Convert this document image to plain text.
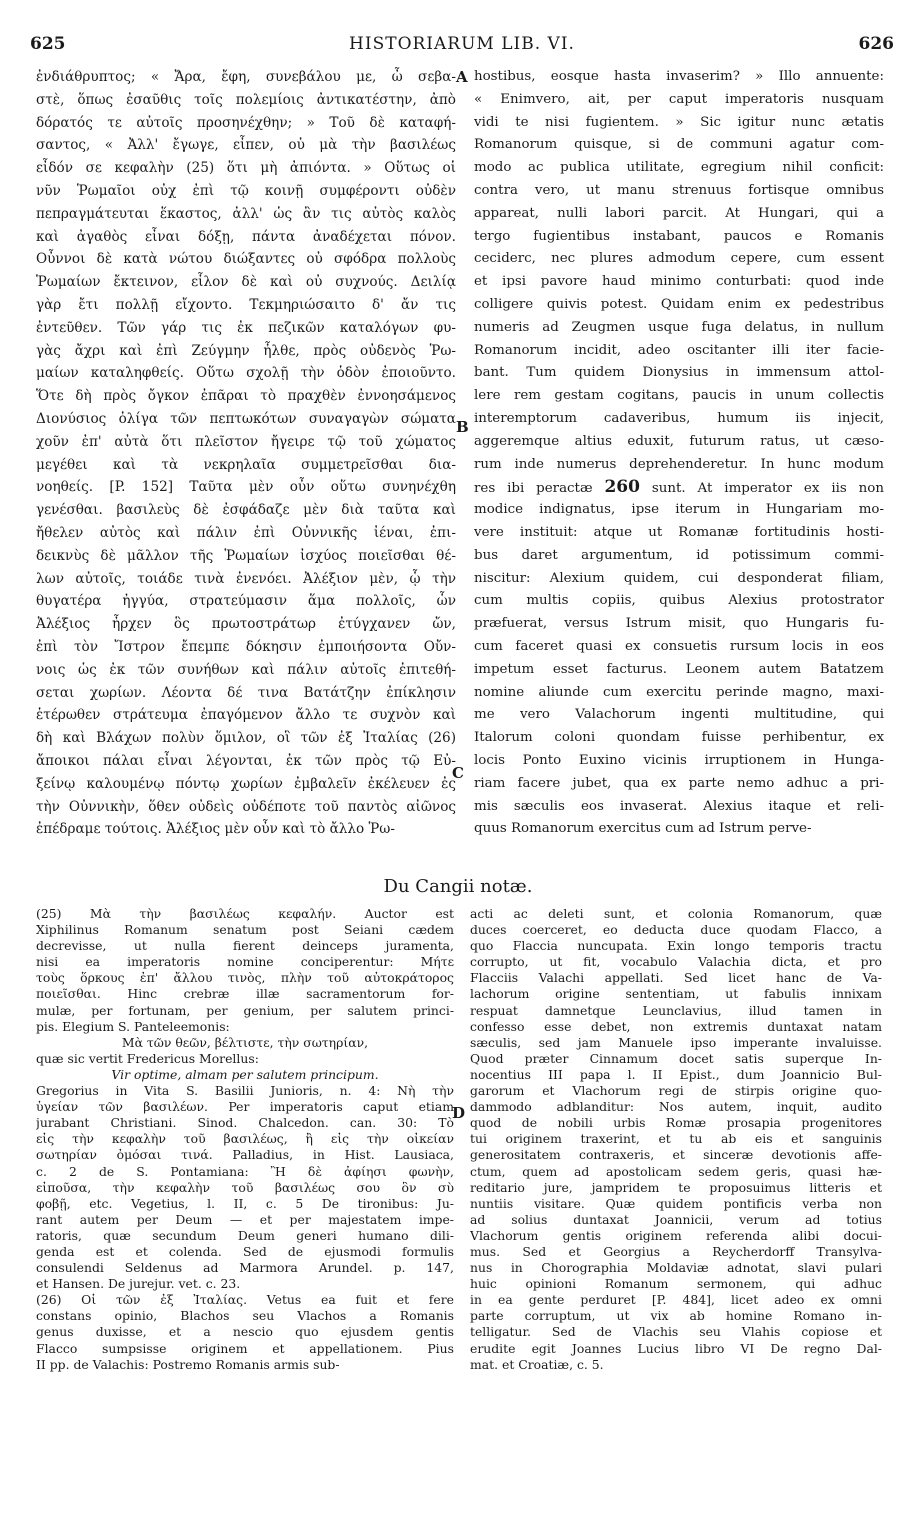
625	HISTORIARUM LIB. VI.	626
ἐνδιάθρυπτος; « Ἄρα, ἔφη, συνεβάλου με, ὦ σεβα-
στὲ, ὅπως ἐσαῦθις τοῖς πολεμίοις ἀντικατέστην, ἀπὸ
δόρατός τε αὐτοῖς προσηνέχθην; » Τοῦ δὲ καταφή-
σαντος, « Ἀλλ' ἔγωγε, εἶπεν, οὐ μὰ τὴν βασιλέως
εἶδόν σε κεφαλὴν (25) ὅτι μὴ ἀπιόντα. » Οὕτως οἱ
νῦν Ῥωμαῖοι οὐχ ἐπὶ τῷ κοινῇ συμφέροντι οὐδὲν
πεπραγμάτευται ἕκαστος, ἀλλ' ὡς ἂν τις αὐτὸς καλὸς
καὶ ἀγαθὸς εἶναι δόξῃ, πάντα ἀναδέχεται πόνον.
Οὖννοι δὲ κατὰ νώτου διώξαντες οὐ σφόδρα πολλοὺς
Ῥωμαίων ἔκτεινον, εἷλον δὲ καὶ οὐ συχνούς. Δειλίᾳ
γὰρ ἔτι πολλῇ εἴχοντο. Τεκμηριώσαιτο δ' ἄν τις
ἐντεῦθεν. Τῶν γάρ τις ἐκ πεζικῶν καταλόγων φυ-
γὰς ἄχρι καὶ ἐπὶ Ζεύγμην ἦλθε, πρὸς οὐδενὸς Ῥω-
μαίων καταληφθείς. Οὕτω σχολῇ τὴν ὁδὸν ἐποιοῦντο.
Ὅτε δὴ πρὸς ὄγκον ἐπᾶραι τὸ πραχθὲν ἐννοησάμενος
Διονύσιος ὀλίγα τῶν πεπτωκότων συναγαγὼν σώματα
χοῦν ἐπ' αὐτὰ ὅτι πλεῖστον ἤγειρε τῷ τοῦ χώματος
μεγέθει καὶ τὰ νεκρηλαῖα συμμετρεῖσθαι δια-
νοηθείς. [P. 152] Ταῦτα μὲν οὖν οὕτω συνηνέχθη
γενέσθαι. βασιλεὺς δὲ ἐσφάδαζε μὲν διὰ ταῦτα καὶ
ἤθελεν αὐτὸς καὶ πάλιν ἐπὶ Οὐννικῆς ἰέναι, ἐπι-
δεικνὺς δὲ μᾶλλον τῆς Ῥωμαίων ἰσχύος ποιεῖσθαι θέ-
λων αὐτοῖς, τοιάδε τινὰ ἐνενόει. Ἀλέξιον μὲν, ᾧ τὴν
θυγατέρα ἠγγύα, στρατεύμασιν ἅμα πολλοῖς, ὧν
Ἀλέξιος ἦρχεν ὃς πρωτοστράτωρ ἐτύγχανεν ὤν,
ἐπὶ τὸν Ἴστρον ἔπεμπε δόκησιν ἐμποιήσοντα Οὔν-
νοις ὡς ἐκ τῶν συνήθων καὶ πάλιν αὐτοῖς ἐπιτεθή-
σεται χωρίων. Λέοντα δέ τινα Βατάτζην ἐπίκλησιν
ἑτέρωθεν στράτευμα ἐπαγόμενον ἄλλο τε συχνὸν καὶ
δὴ καὶ Βλάχων πολὺν ὅμιλον, οἳ τῶν ἐξ Ἰταλίας (26)
ἄποικοι πάλαι εἶναι λέγονται, ἐκ τῶν πρὸς τῷ Εὐ-
ξείνῳ καλουμένῳ πόντῳ χωρίων ἐμβαλεῖν ἐκέλευεν ἐς
τὴν Οὐννικὴν, ὅθεν οὐδεὶς οὐδέποτε τοῦ παντὸς αἰῶνος
ἐπέδραμε τούτοις. Ἀλέξιος μὲν οὖν καὶ τὸ ἄλλο Ῥω-
hostibus, eosque hasta invaserim? » Illo annuente:
« Enimvero, ait, per caput imperatoris nusquam
vidi te nisi fugientem. » Sic igitur nunc ætatis
Romanorum quisque, si de communi agatur com-
modo ac publica utilitate, egregium nihil conficit:
contra vero, ut manu strenuus fortisque omnibus
appareat, nulli labori parcit. At Hungari, qui a
tergo fugientibus instabant, paucos e Romanis
ceciderc, nec plures admodum cepere, cum essent
et ipsi pavore haud minimo conturbati: quod inde
colligere quivis potest. Quidam enim ex pedestribus
numeris ad Zeugmen usque fuga delatus, in nullum
Romanorum incidit, adeo oscitanter illi iter facie-
bant. Tum quidem Dionysius in immensum attol-
lere rem gestam cogitans, paucis in unum collectis
interemptorum cadaveribus, humum iis injecit,
aggeremque altius eduxit, futurum ratus, ut cæso-
rum inde numerus deprehenderetur. In hunc modum
res ibi peractæ 260 sunt. At imperator ex iis non
modice indignatus, ipse iterum in Hungariam mo-
vere instituit: atque ut Romanæ fortitudinis hosti-
bus daret argumentum, id potissimum commi-
niscitur: Alexium quidem, cui desponderat filiam,
cum multis copiis, quibus Alexius protostrator
præfuerat, versus Istrum misit, quo Hungaris fu-
cum faceret quasi ex consuetis rursum locis in eos
impetum esset facturus. Leonem autem Batatzem
nomine aliunde cum exercitu perinde magno, maxi-
me vero Valachorum ingenti multitudine, qui
Italorum coloni quondam fuisse perhibentur, ex
locis Ponto Euxino vicinis irruptionem in Hunga-
riam facere jubet, qua ex parte nemo adhuc a pri-
mis sæculis eos invaserat. Alexius itaque et reli-
quus Romanorum exercitus cum ad Istrum perve-
A
B
C
D
Du Cangii notæ.
(25) Μὰ τὴν βασιλέως κεφαλήν. Auctor est
Xiphilinus Romanum senatum post Seiani cædem
decrevisse, ut nulla fierent deinceps juramenta,
nisi ea imperatoris nomine conciperentur: Μήτε
τοὺς ὅρκους ἐπ' ἄλλου τινὸς, πλὴν τοῦ αὐτοκράτορος
ποιεῖσθαι. Hinc crebræ illæ sacramentorum for-
mulæ, per fortunam, per genium, per salutem princi-
pis. Elegium S. Panteleemonis:
Μὰ τῶν θεῶν, βέλτιστε, τὴν σωτηρίαν,
quæ sic vertit Fredericus Morellus:
Vir optime, almam per salutem principum.
Gregorius in Vita S. Basilii Junioris, n. 4: Νὴ τὴν
ὑγείαν τῶν βασιλέων. Per imperatoris caput etiam
jurabant Christiani. Sinod. Chalcedon. can. 30: Τὸ
εἰς τὴν κεφαλὴν τοῦ βασιλέως, ἢ εἰς τὴν οἰκείαν
σωτηρίαν ὀμόσαι τινά. Palladius, in Hist. Lausiaca,
c. 2 de S. Pontamiana: Ἢ δὲ ἀφίησι φωνὴν,
εἰποῦσα, τὴν κεφαλὴν τοῦ βασιλέως σου ὃν σὺ
φοβῇ, etc. Vegetius, l. II, c. 5 De tironibus: Ju-
rant autem per Deum — et per majestatem impe-
ratoris, quæ secundum Deum generi humano dili-
genda est et colenda. Sed de ejusmodi formulis
consulendi Seldenus ad Marmora Arundel. p. 147,
et Hansen. De jurejur. vet. c. 23.
(26) Οἱ τῶν ἐξ Ἰταλίας. Vetus ea fuit et fere
constans opinio, Blachos seu Vlachos a Romanis
genus duxisse, et a nescio quo ejusdem gentis
Flacco sumpsisse originem et appellationem. Pius
II pp. de Valachis: Postremo Romanis armis sub-
acti ac deleti sunt, et colonia Romanorum, quæ
duces coerceret, eo deducta duce quodam Flacco, a
quo Flaccia nuncupata. Exin longo temporis tractu
corrupto, ut fit, vocabulo Valachia dicta, et pro
Flacciis Valachi appellati. Sed licet hanc de Va-
lachorum origine sententiam, ut fabulis innixam
respuat damnetque Leunclavius, illud tamen in
confesso esse debet, non extremis duntaxat natam
sæculis, sed jam Manuele ipso imperante invaluisse.
Quod præter Cinnamum docet satis superque In-
nocentius III papa l. II Epist., dum Joannicio Bul-
garorum et Vlachorum regi de stirpis origine quo-
dammodo adblanditur: Nos autem, inquit, audito
quod de nobili urbis Romæ prosapia progenitores
tui originem traxerint, et tu ab eis et sanguinis
generositatem contraxeris, et sinceræ devotionis affe-
ctum, quem ad apostolicam sedem geris, quasi hæ-
reditario jure, jampridem te proposuimus litteris et
nuntiis visitare. Quæ quidem pontificis verba non
ad solius duntaxat Joannicii, verum ad totius
Vlachorum gentis originem referenda alibi docui-
mus. Sed et Georgius a Reycherdorff Transylva-
nus in Chorographia Moldaviæ adnotat, slavi pulari
huic opinioni Romanum sermonem, qui adhuc
in ea gente perduret [P. 484], licet adeo ex omni
parte corruptum, ut vix ab homine Romano in-
telligatur. Sed de Vlachis seu Vlahis copiose et
erudite egit Joannes Lucius libro VI De regno Dal-
mat. et Croatiæ, c. 5.
